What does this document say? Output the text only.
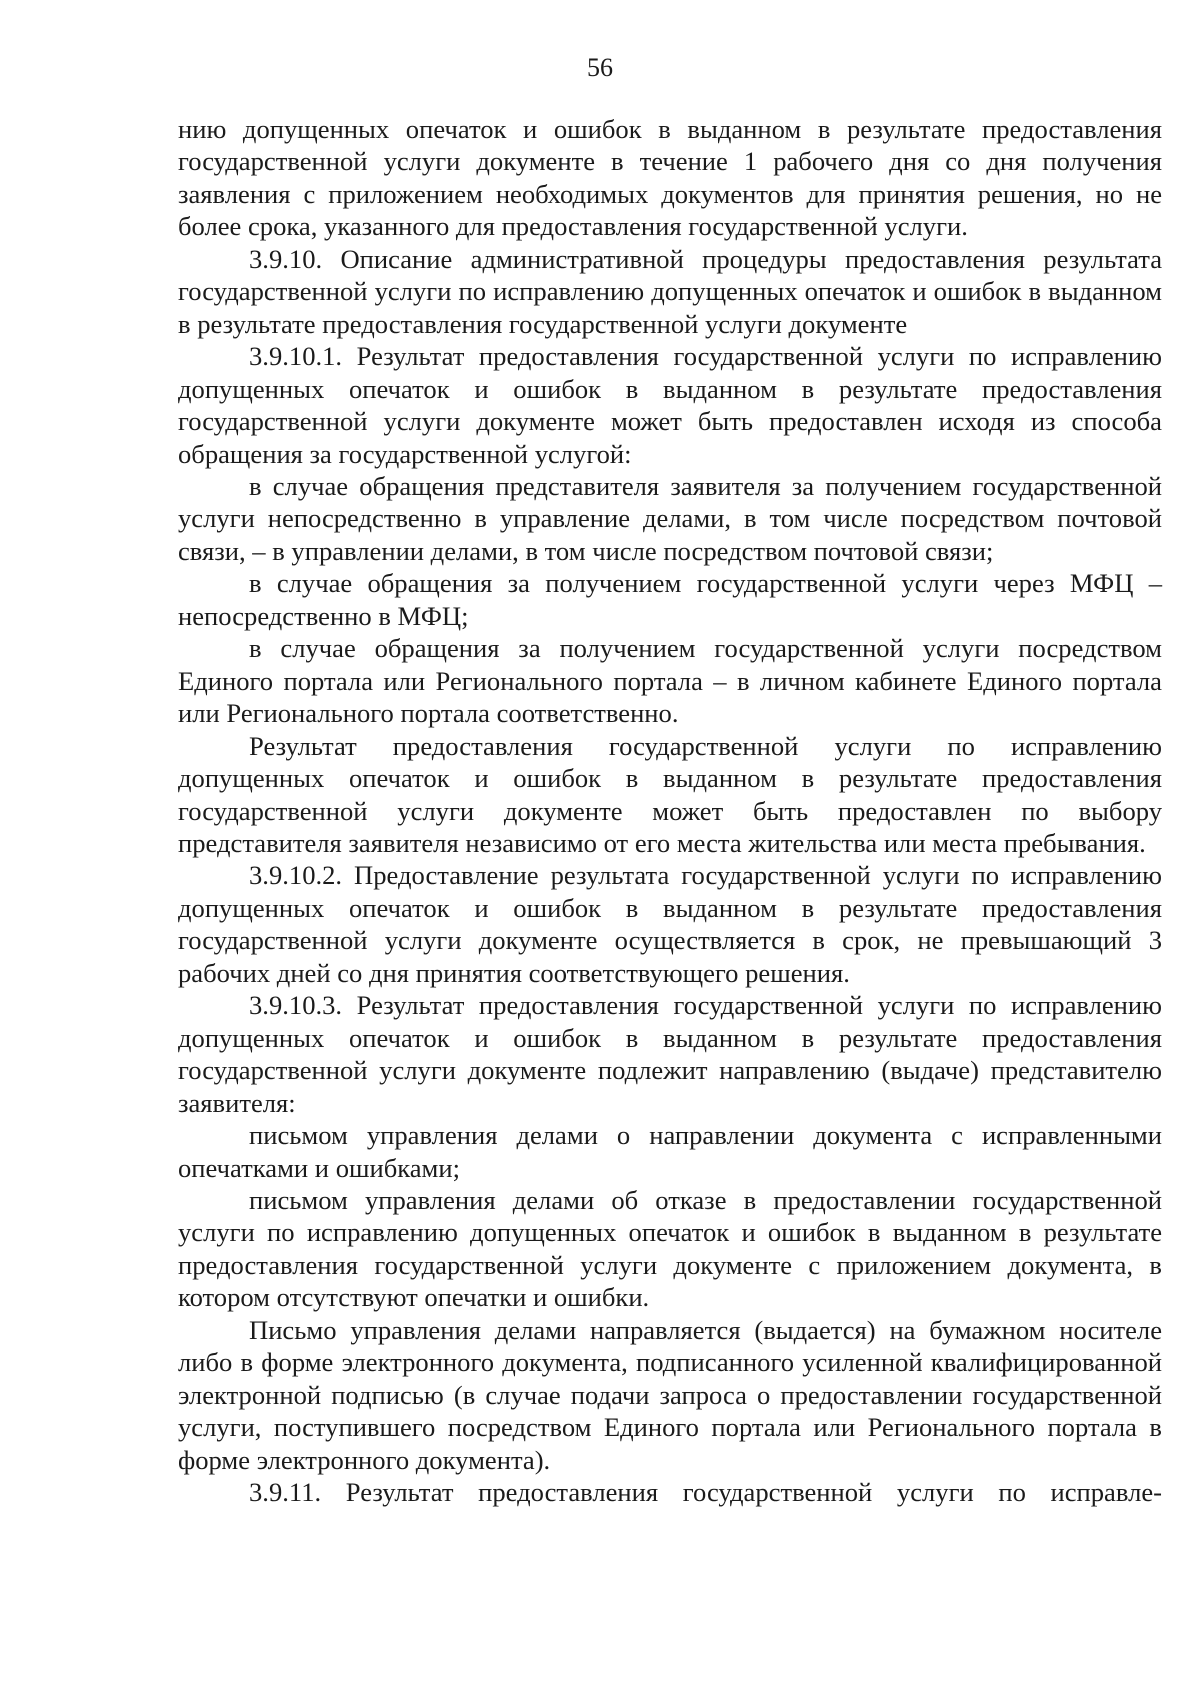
56

нию допущенных опечаток и ошибок в выданном в результате предоставления государственной услуги документе в течение 1 рабочего дня со дня получения заявления с приложением необходимых документов для принятия решения, но не более срока, указанного для предоставления государственной услуги.

3.9.10. Описание административной процедуры предоставления результата государственной услуги по исправлению допущенных опечаток и ошибок в выданном в результате предоставления государственной услуги документе

3.9.10.1. Результат предоставления государственной услуги по исправлению допущенных опечаток и ошибок в выданном в результате предоставления государственной услуги документе может быть предоставлен исходя из способа обращения за государственной услугой:

в случае обращения представителя заявителя за получением государственной услуги непосредственно в управление делами, в том числе посредством почтовой связи, – в управлении делами, в том числе посредством почтовой связи;

в случае обращения за получением государственной услуги через МФЦ – непосредственно в МФЦ;

в случае обращения за получением государственной услуги посредством Единого портала или Регионального портала – в личном кабинете Единого портала или Регионального портала соответственно.

Результат предоставления государственной услуги по исправлению допущенных опечаток и ошибок в выданном в результате предоставления государственной услуги документе может быть предоставлен по выбору представителя заявителя независимо от его места жительства или места пребывания.

3.9.10.2. Предоставление результата государственной услуги по исправлению допущенных опечаток и ошибок в выданном в результате предоставления государственной услуги документе осуществляется в срок, не превышающий 3 рабочих дней со дня принятия соответствующего решения.

3.9.10.3. Результат предоставления государственной услуги по исправлению допущенных опечаток и ошибок в выданном в результате предоставления государственной услуги документе подлежит направлению (выдаче) представителю заявителя:

письмом управления делами о направлении документа с исправленными опечатками и ошибками;

письмом управления делами об отказе в предоставлении государственной услуги по исправлению допущенных опечаток и ошибок в выданном в результате предоставления государственной услуги документе с приложением документа, в котором отсутствуют опечатки и ошибки.

Письмо управления делами направляется (выдается) на бумажном носителе либо в форме электронного документа, подписанного усиленной квалифицированной электронной подписью (в случае подачи запроса о предоставлении государственной услуги, поступившего посредством Единого портала или Регионального портала в форме электронного документа).

3.9.11. Результат предоставления государственной услуги по исправле-
